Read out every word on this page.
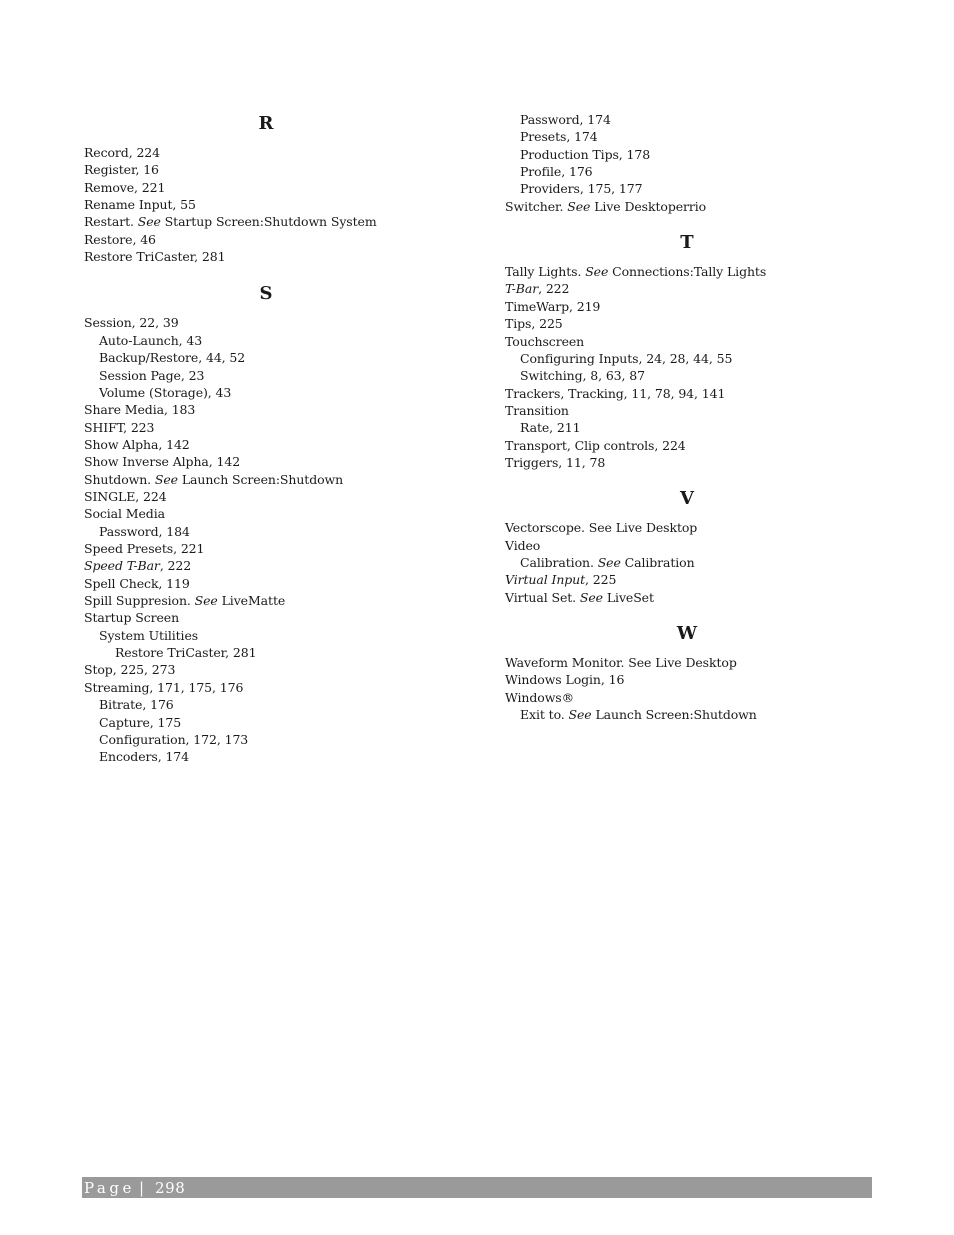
R
Record, 224
Register, 16
Remove, 221
Rename Input, 55
Restart. See Startup Screen:Shutdown System
Restore, 46
Restore TriCaster, 281
S
Session, 22, 39
Auto-Launch, 43
Backup/Restore, 44, 52
Session Page, 23
Volume (Storage), 43
Share Media, 183
SHIFT, 223
Show Alpha, 142
Show Inverse Alpha, 142
Shutdown. See Launch Screen:Shutdown
SINGLE, 224
Social Media
Password, 184
Speed Presets, 221
Speed T-Bar, 222
Spell Check, 119
Spill Suppresion. See LiveMatte
Startup Screen
System Utilities
Restore TriCaster, 281
Stop, 225, 273
Streaming, 171, 175, 176
Bitrate, 176
Capture, 175
Configuration, 172, 173
Encoders, 174
Password, 174
Presets, 174
Production Tips, 178
Profile, 176
Providers, 175, 177
Switcher. See Live Desktoperrio
T
Tally Lights. See Connections:Tally Lights
T-Bar, 222
TimeWarp, 219
Tips, 225
Touchscreen
Configuring Inputs, 24, 28, 44, 55
Switching, 8, 63, 87
Trackers, Tracking, 11, 78, 94, 141
Transition
Rate, 211
Transport, Clip controls, 224
Triggers, 11, 78
V
Vectorscope. See Live Desktop
Video
Calibration. See Calibration
Virtual Input, 225
Virtual Set. See LiveSet
W
Waveform Monitor. See Live Desktop
Windows Login, 16
Windows®
Exit to. See Launch Screen:Shutdown
Page | 298
